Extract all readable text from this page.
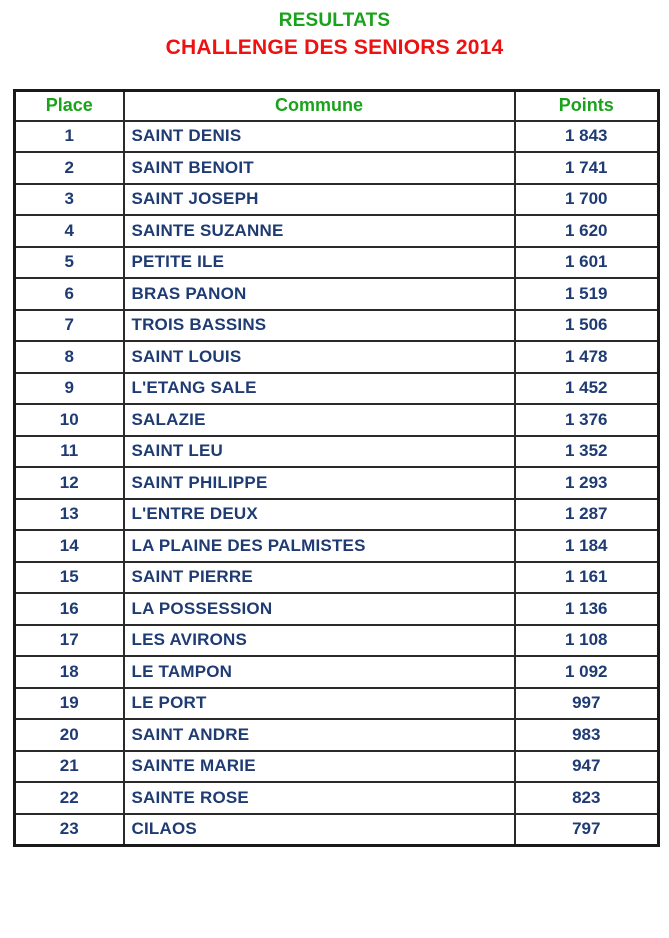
RESULTATS
CHALLENGE DES SENIORS 2014
Place	Commune	Points
1	SAINT DENIS	1 843
2	SAINT BENOIT	1 741
3	SAINT JOSEPH	1 700
4	SAINTE SUZANNE	1 620
5	PETITE ILE	1 601
6	BRAS PANON	1 519
7	TROIS BASSINS	1 506
8	SAINT LOUIS	1 478
9	L'ETANG SALE	1 452
10	SALAZIE	1 376
11	SAINT LEU	1 352
12	SAINT PHILIPPE	1 293
13	L'ENTRE DEUX	1 287
14	LA PLAINE DES PALMISTES	1 184
15	SAINT PIERRE	1 161
16	LA POSSESSION	1 136
17	LES AVIRONS	1 108
18	LE TAMPON	1 092
19	LE PORT	997
20	SAINT ANDRE	983
21	SAINTE MARIE	947
22	SAINTE ROSE	823
23	CILAOS	797
